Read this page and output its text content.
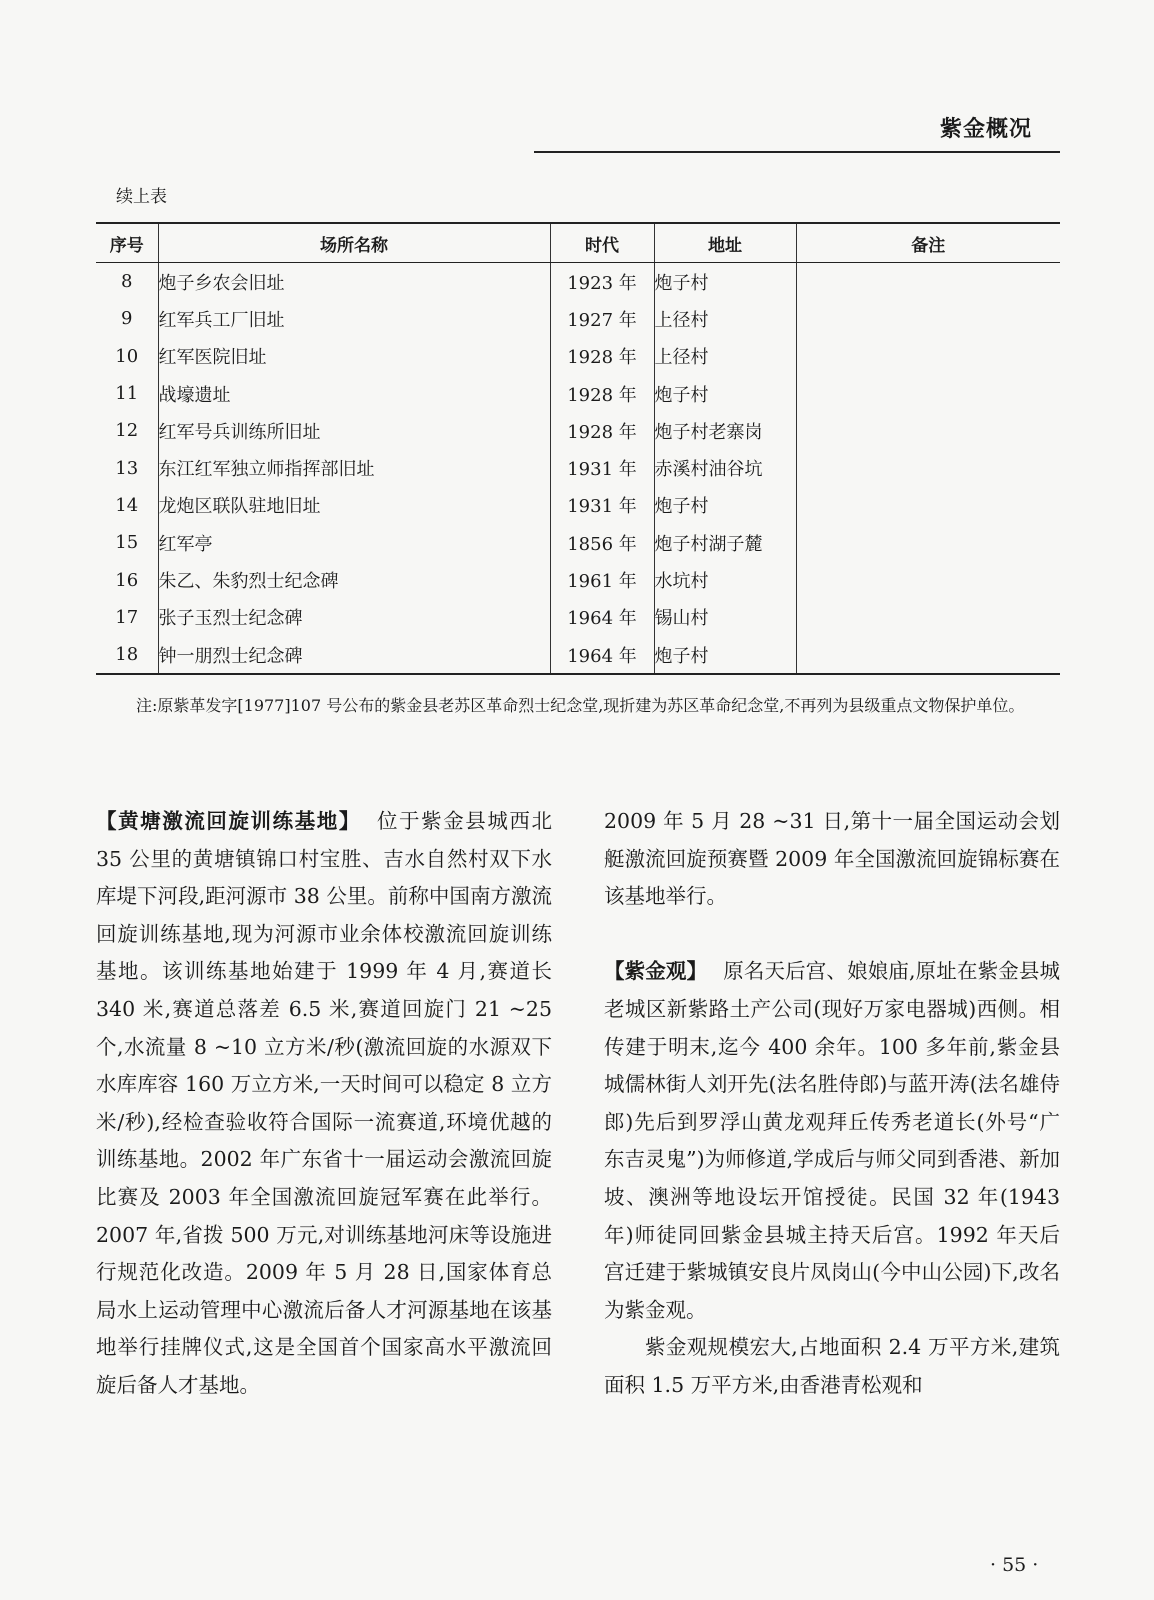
紫金概况
续上表
序号	场所名称	时代	地址	备注
8	炮子乡农会旧址	1923 年	炮子村	
9	红军兵工厂旧址	1927 年	上径村	
10	红军医院旧址	1928 年	上径村	
11	战壕遗址	1928 年	炮子村	
12	红军号兵训练所旧址	1928 年	炮子村老寨岗	
13	东江红军独立师指挥部旧址	1931 年	赤溪村油谷坑	
14	龙炮区联队驻地旧址	1931 年	炮子村	
15	红军亭	1856 年	炮子村湖子麓	
16	朱乙、朱豹烈士纪念碑	1961 年	水坑村	
17	张子玉烈士纪念碑	1964 年	锡山村	
18	钟一朋烈士纪念碑	1964 年	炮子村	
注:原紫革发字[1977]107 号公布的紫金县老苏区革命烈士纪念堂,现折建为苏区革命纪念堂,不再列为县级重点文物保护单位。

【黄塘激流回旋训练基地】 位于紫金县城西北 35 公里的黄塘镇锦口村宝胜、吉水自然村双下水库堤下河段,距河源市 38 公里。前称中国南方激流回旋训练基地,现为河源市业余体校激流回旋训练基地。该训练基地始建于 1999 年 4 月,赛道长 340 米,赛道总落差 6.5 米,赛道回旋门 21 ~25 个,水流量 8 ~10 立方米/秒(激流回旋的水源双下水库库容 160 万立方米,一天时间可以稳定 8 立方米/秒),经检查验收符合国际一流赛道,环境优越的训练基地。2002 年广东省十一届运动会激流回旋比赛及 2003 年全国激流回旋冠军赛在此举行。2007 年,省拨 500 万元,对训练基地河床等设施进行规范化改造。2009 年 5 月 28 日,国家体育总局水上运动管理中心激流后备人才河源基地在该基地举行挂牌仪式,这是全国首个国家高水平激流回旋后备人才基地。

2009 年 5 月 28 ~31 日,第十一届全国运动会划艇激流回旋预赛暨 2009 年全国激流回旋锦标赛在该基地举行。

【紫金观】 原名天后宫、娘娘庙,原址在紫金县城老城区新紫路土产公司(现好万家电器城)西侧。相传建于明末,迄今 400 余年。100 多年前,紫金县城儒林街人刘开先(法名胜侍郎)与蓝开涛(法名雄侍郎)先后到罗浮山黄龙观拜丘传秀老道长(外号“广东吉灵鬼”)为师修道,学成后与师父同到香港、新加坡、澳洲等地设坛开馆授徒。民国 32 年(1943 年)师徒同回紫金县城主持天后宫。1992 年天后宫迁建于紫城镇安良片凤岗山(今中山公园)下,改名为紫金观。

紫金观规模宏大,占地面积 2.4 万平方米,建筑面积 1.5 万平方米,由香港青松观和

· 55 ·
